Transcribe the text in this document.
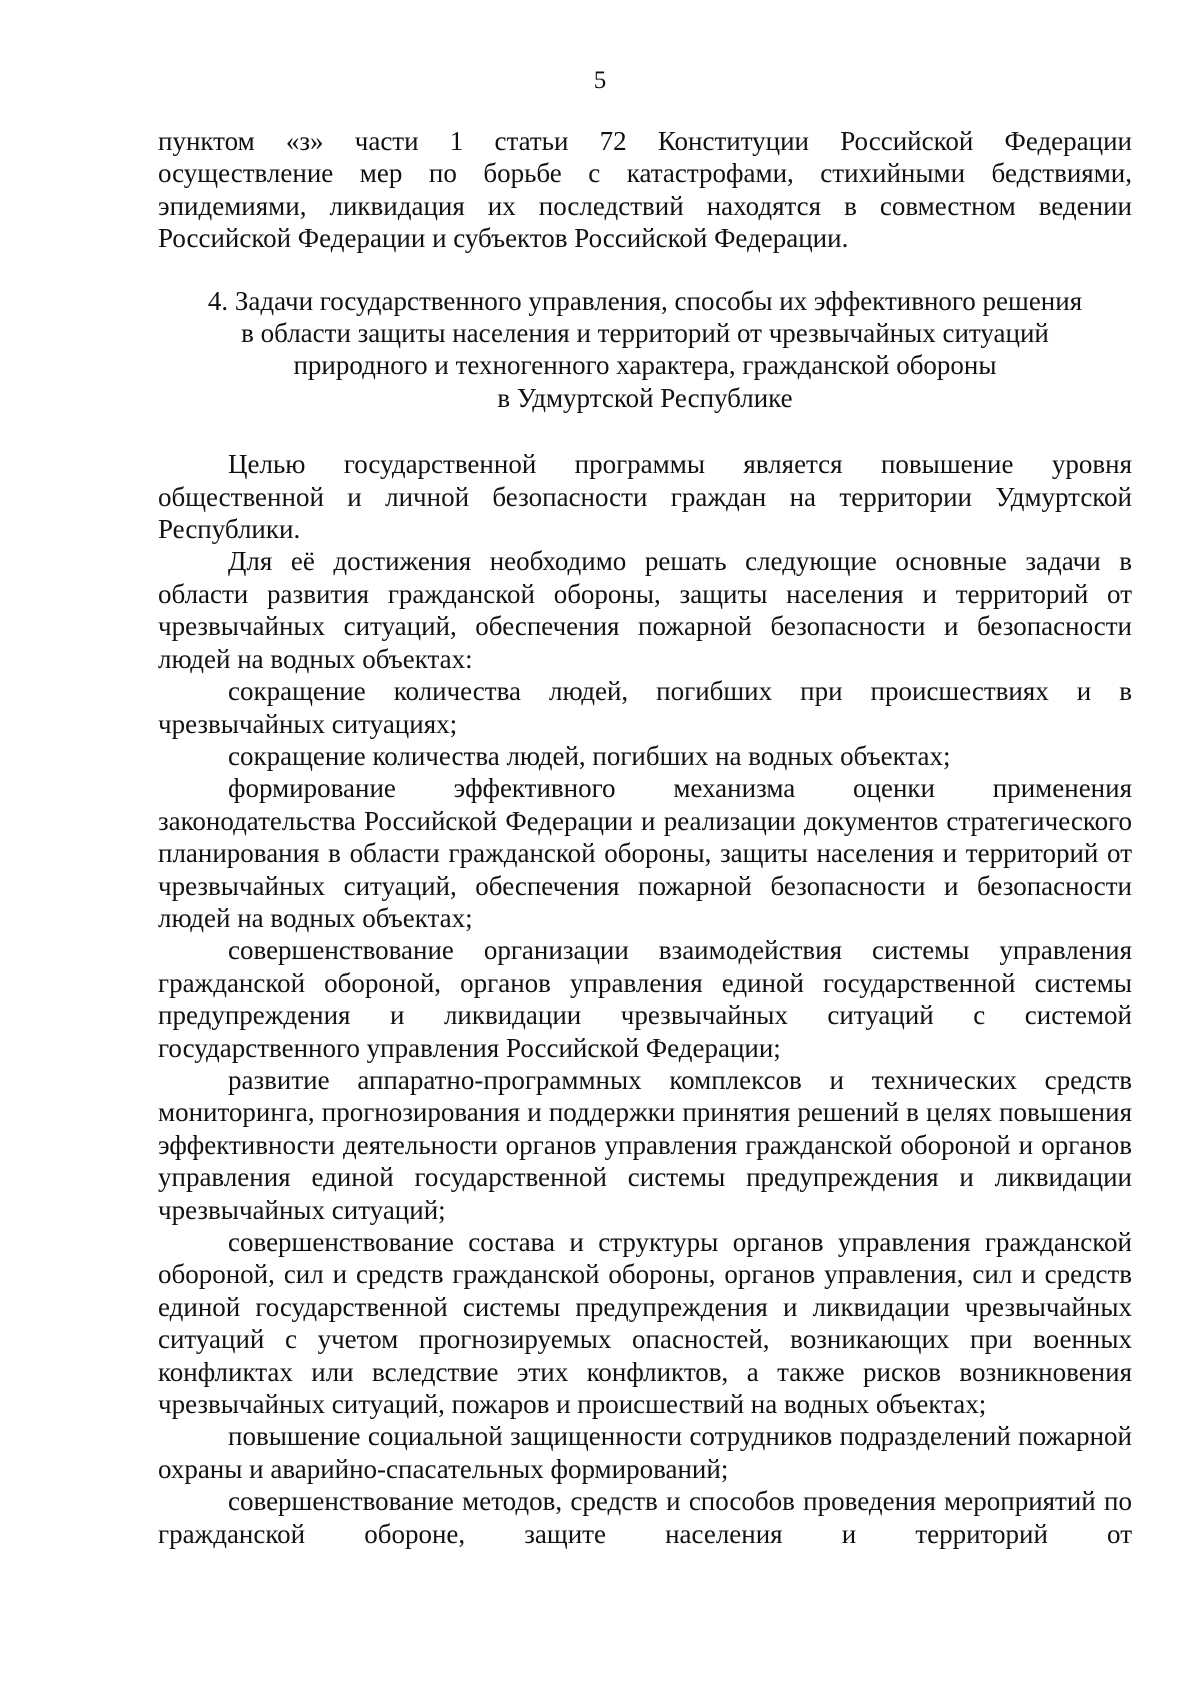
5

пунктом «з» части 1 статьи 72 Конституции Российской Федерации

осуществление мер по борьбе с катастрофами, стихийными бедствиями,

эпидемиями, ликвидация их последствий находятся в совместном ведении

Российской Федерации и субъектов Российской Федерации.

4. Задачи государственного управления, способы их эффективного решения
в области защиты населения и территорий от чрезвычайных ситуаций
природного и техногенного характера, гражданской обороны
в Удмуртской Республике

Целью государственной программы является повышение уровня общественной и личной безопасности граждан на территории Удмуртской Республики.

Для её достижения необходимо решать следующие основные задачи в области развития гражданской обороны, защиты населения и территорий от чрезвычайных ситуаций, обеспечения пожарной безопасности и безопасности людей на водных объектах:

сокращение количества людей, погибших при происшествиях и в чрезвычайных ситуациях;

сокращение количества людей, погибших на водных объектах;

формирование эффективного механизма оценки применения законодательства Российской Федерации и реализации документов стратегического планирования в области гражданской обороны, защиты населения и территорий от чрезвычайных ситуаций, обеспечения пожарной безопасности и безопасности людей на водных объектах;

совершенствование организации взаимодействия системы управления гражданской обороной, органов управления единой государственной системы предупреждения и ликвидации чрезвычайных ситуаций с системой государственного управления Российской Федерации;

развитие аппаратно-программных комплексов и технических средств мониторинга, прогнозирования и поддержки принятия решений в целях повышения эффективности деятельности органов управления гражданской обороной и органов управления единой государственной системы предупреждения и ликвидации чрезвычайных ситуаций;

совершенствование состава и структуры органов управления гражданской обороной, сил и средств гражданской обороны, органов управления, сил и средств единой государственной системы предупреждения и ликвидации чрезвычайных ситуаций с учетом прогнозируемых опасностей, возникающих при военных конфликтах или вследствие этих конфликтов, а также рисков возникновения чрезвычайных ситуаций, пожаров и происшествий на водных объектах;

повышение социальной защищенности сотрудников подразделений пожарной охраны и аварийно-спасательных формирований;

совершенствование методов, средств и способов проведения мероприятий по гражданской обороне, защите населения и территорий от
